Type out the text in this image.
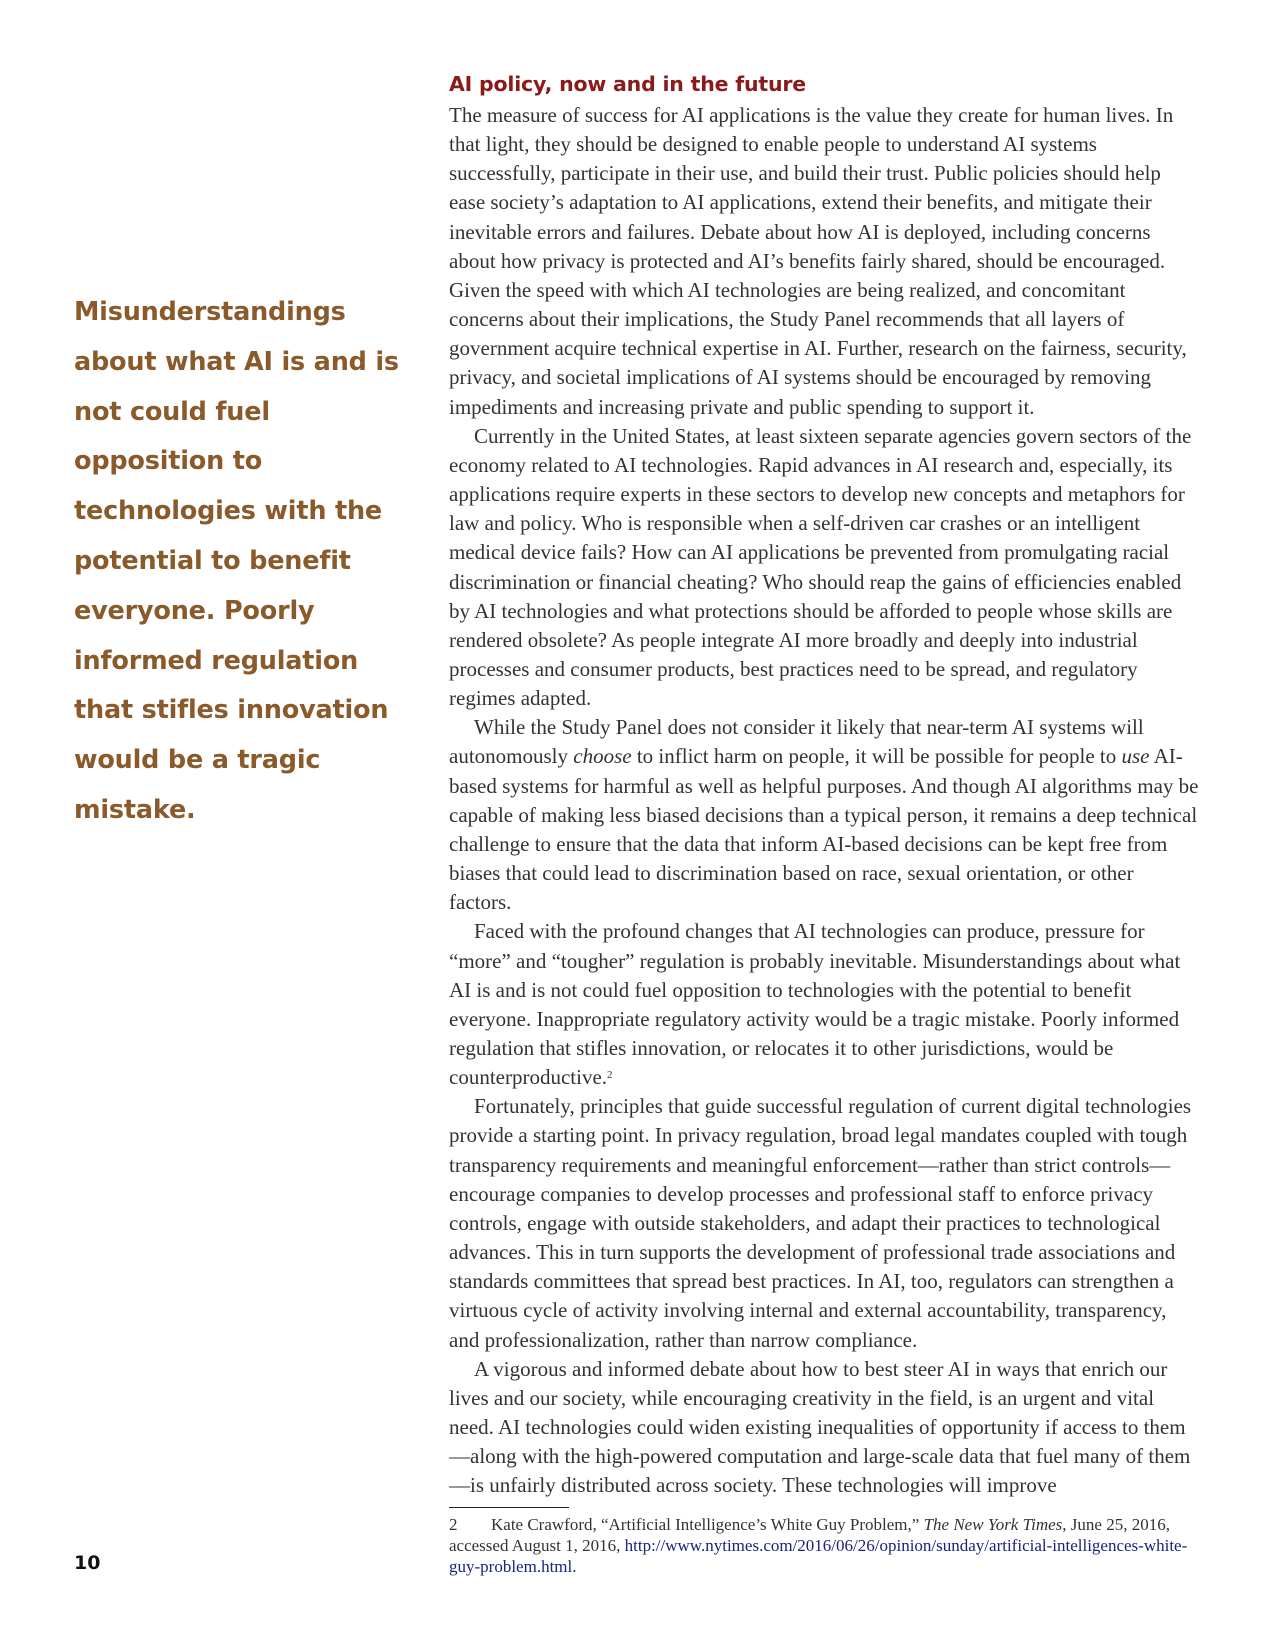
Misunderstandings about what AI is and is not could fuel opposition to technologies with the potential to benefit everyone. Poorly informed regulation that stifles innovation would be a tragic mistake.

AI policy, now and in the future

The measure of success for AI applications is the value they create for human lives. In that light, they should be designed to enable people to understand AI systems successfully, participate in their use, and build their trust. Public policies should help ease society’s adaptation to AI applications, extend their benefits, and mitigate their inevitable errors and failures. Debate about how AI is deployed, including concerns about how privacy is protected and AI’s benefits fairly shared, should be encouraged. Given the speed with which AI technologies are being realized, and concomitant concerns about their implications, the Study Panel recommends that all layers of government acquire technical expertise in AI. Further, research on the fairness, security, privacy, and societal implications of AI systems should be encouraged by removing impediments and increasing private and public spending to support it.

Currently in the United States, at least sixteen separate agencies govern sectors of the economy related to AI technologies. Rapid advances in AI research and, especially, its applications require experts in these sectors to develop new concepts and metaphors for law and policy. Who is responsible when a self-driven car crashes or an intelligent medical device fails? How can AI applications be prevented from promulgating racial discrimination or financial cheating? Who should reap the gains of efficiencies enabled by AI technologies and what protections should be afforded to people whose skills are rendered obsolete? As people integrate AI more broadly and deeply into industrial processes and consumer products, best practices need to be spread, and regulatory regimes adapted.

While the Study Panel does not consider it likely that near-term AI systems will autonomously choose to inflict harm on people, it will be possible for people to use AI-based systems for harmful as well as helpful purposes. And though AI algorithms may be capable of making less biased decisions than a typical person, it remains a deep technical challenge to ensure that the data that inform AI-based decisions can be kept free from biases that could lead to discrimination based on race, sexual orientation, or other factors.

Faced with the profound changes that AI technologies can produce, pressure for “more” and “tougher” regulation is probably inevitable. Misunderstandings about what AI is and is not could fuel opposition to technologies with the potential to benefit everyone. Inappropriate regulatory activity would be a tragic mistake. Poorly informed regulation that stifles innovation, or relocates it to other jurisdictions, would be counterproductive.$^2$

Fortunately, principles that guide successful regulation of current digital technologies provide a starting point. In privacy regulation, broad legal mandates coupled with tough transparency requirements and meaningful enforcement—rather than strict controls—encourage companies to develop processes and professional staff to enforce privacy controls, engage with outside stakeholders, and adapt their practices to technological advances. This in turn supports the development of professional trade associations and standards committees that spread best practices. In AI, too, regulators can strengthen a virtuous cycle of activity involving internal and external accountability, transparency, and professionalization, rather than narrow compliance.

A vigorous and informed debate about how to best steer AI in ways that enrich our lives and our society, while encouraging creativity in the field, is an urgent and vital need. AI technologies could widen existing inequalities of opportunity if access to them—along with the high-powered computation and large-scale data that fuel many of them—is unfairly distributed across society. These technologies will improve

2 Kate Crawford, “Artificial Intelligence’s White Guy Problem,” The New York Times, June 25, 2016, accessed August 1, 2016, http://www.nytimes.com/2016/06/26/opinion/sunday/artificial-intelligences-white-guy-problem.html.

10
